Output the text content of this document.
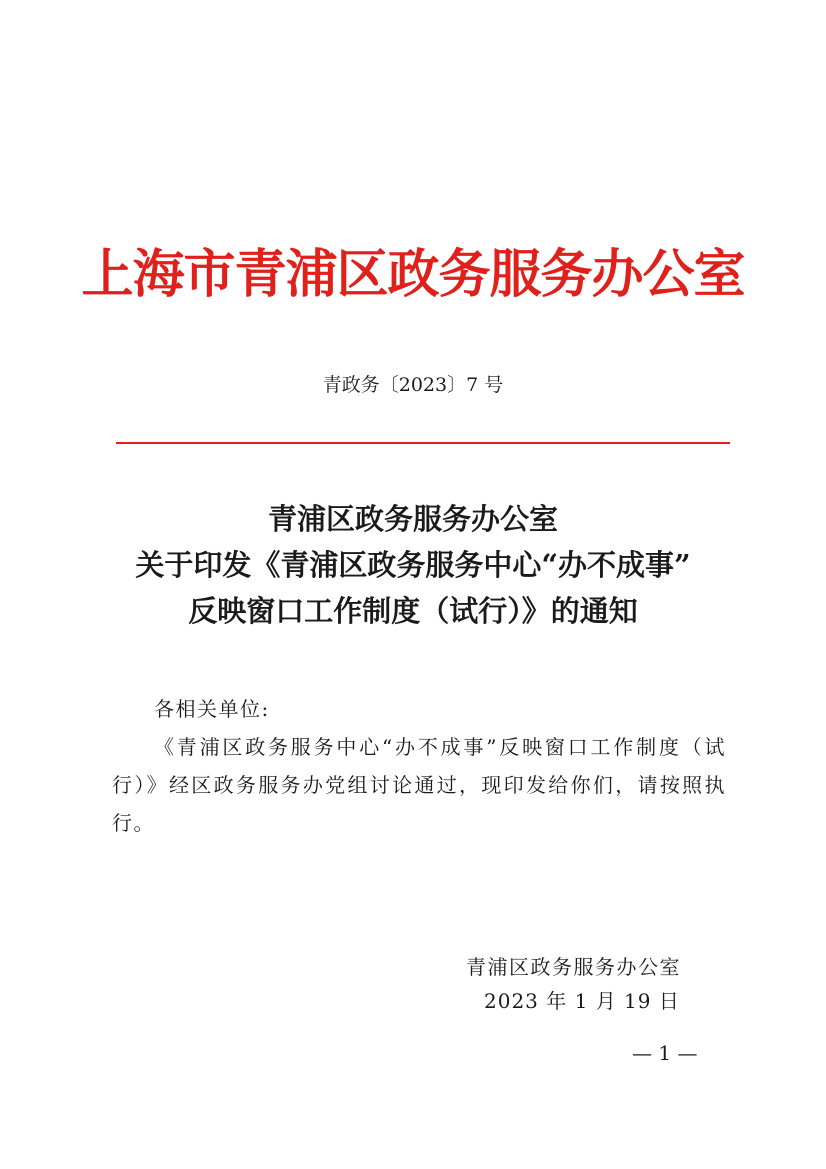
上海市青浦区政务服务办公室
青政务〔2023〕7 号
青浦区政务服务办公室
关于印发《青浦区政务服务中心“办不成事”
反映窗口工作制度（试行）》的通知

各相关单位:

《青浦区政务服务中心“办不成事”反映窗口工作制度（试行）》经区政务服务办党组讨论通过，现印发给你们，请按照执行。

青浦区政务服务办公室
2023 年 1 月 19 日
— 1 —
